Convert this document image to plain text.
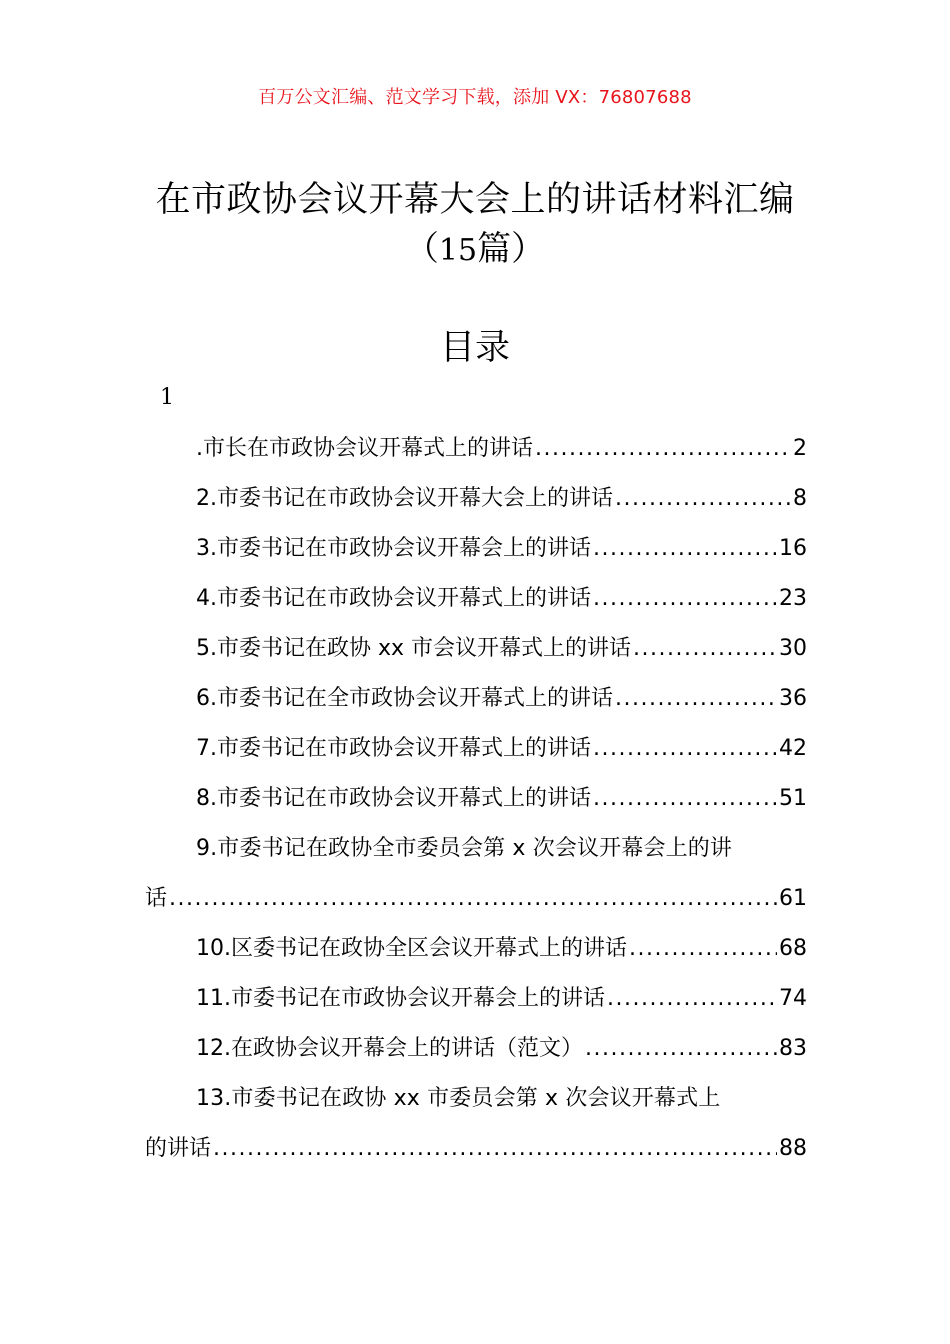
百万公文汇编、范文学习下载，添加 VX：76807688
在市政协会议开幕大会上的讲话材料汇编
（15篇）
目录
1
.市长在市政协会议开幕式上的讲话 .....	2
2.市委书记在市政协会议开幕大会上的讲话 .....	8
3.市委书记在市政协会议开幕会上的讲话 .....	16
4.市委书记在市政协会议开幕式上的讲话 .....	23
5.市委书记在政协 xx 市会议开幕式上的讲话 .....	30
6.市委书记在全市政协会议开幕式上的讲话 .....	36
7.市委书记在市政协会议开幕式上的讲话 .....	42
8.市委书记在市政协会议开幕式上的讲话 .....	51
9.市委书记在政协全市委员会第 x 次会议开幕会上的讲
话 .....	61
10.区委书记在政协全区会议开幕式上的讲话 .....	68
11.市委书记在市政协会议开幕会上的讲话 .....	74
12.在政协会议开幕会上的讲话（范文） .....	83
13.市委书记在政协 xx 市委员会第 x 次会议开幕式上
的讲话 .....	88
